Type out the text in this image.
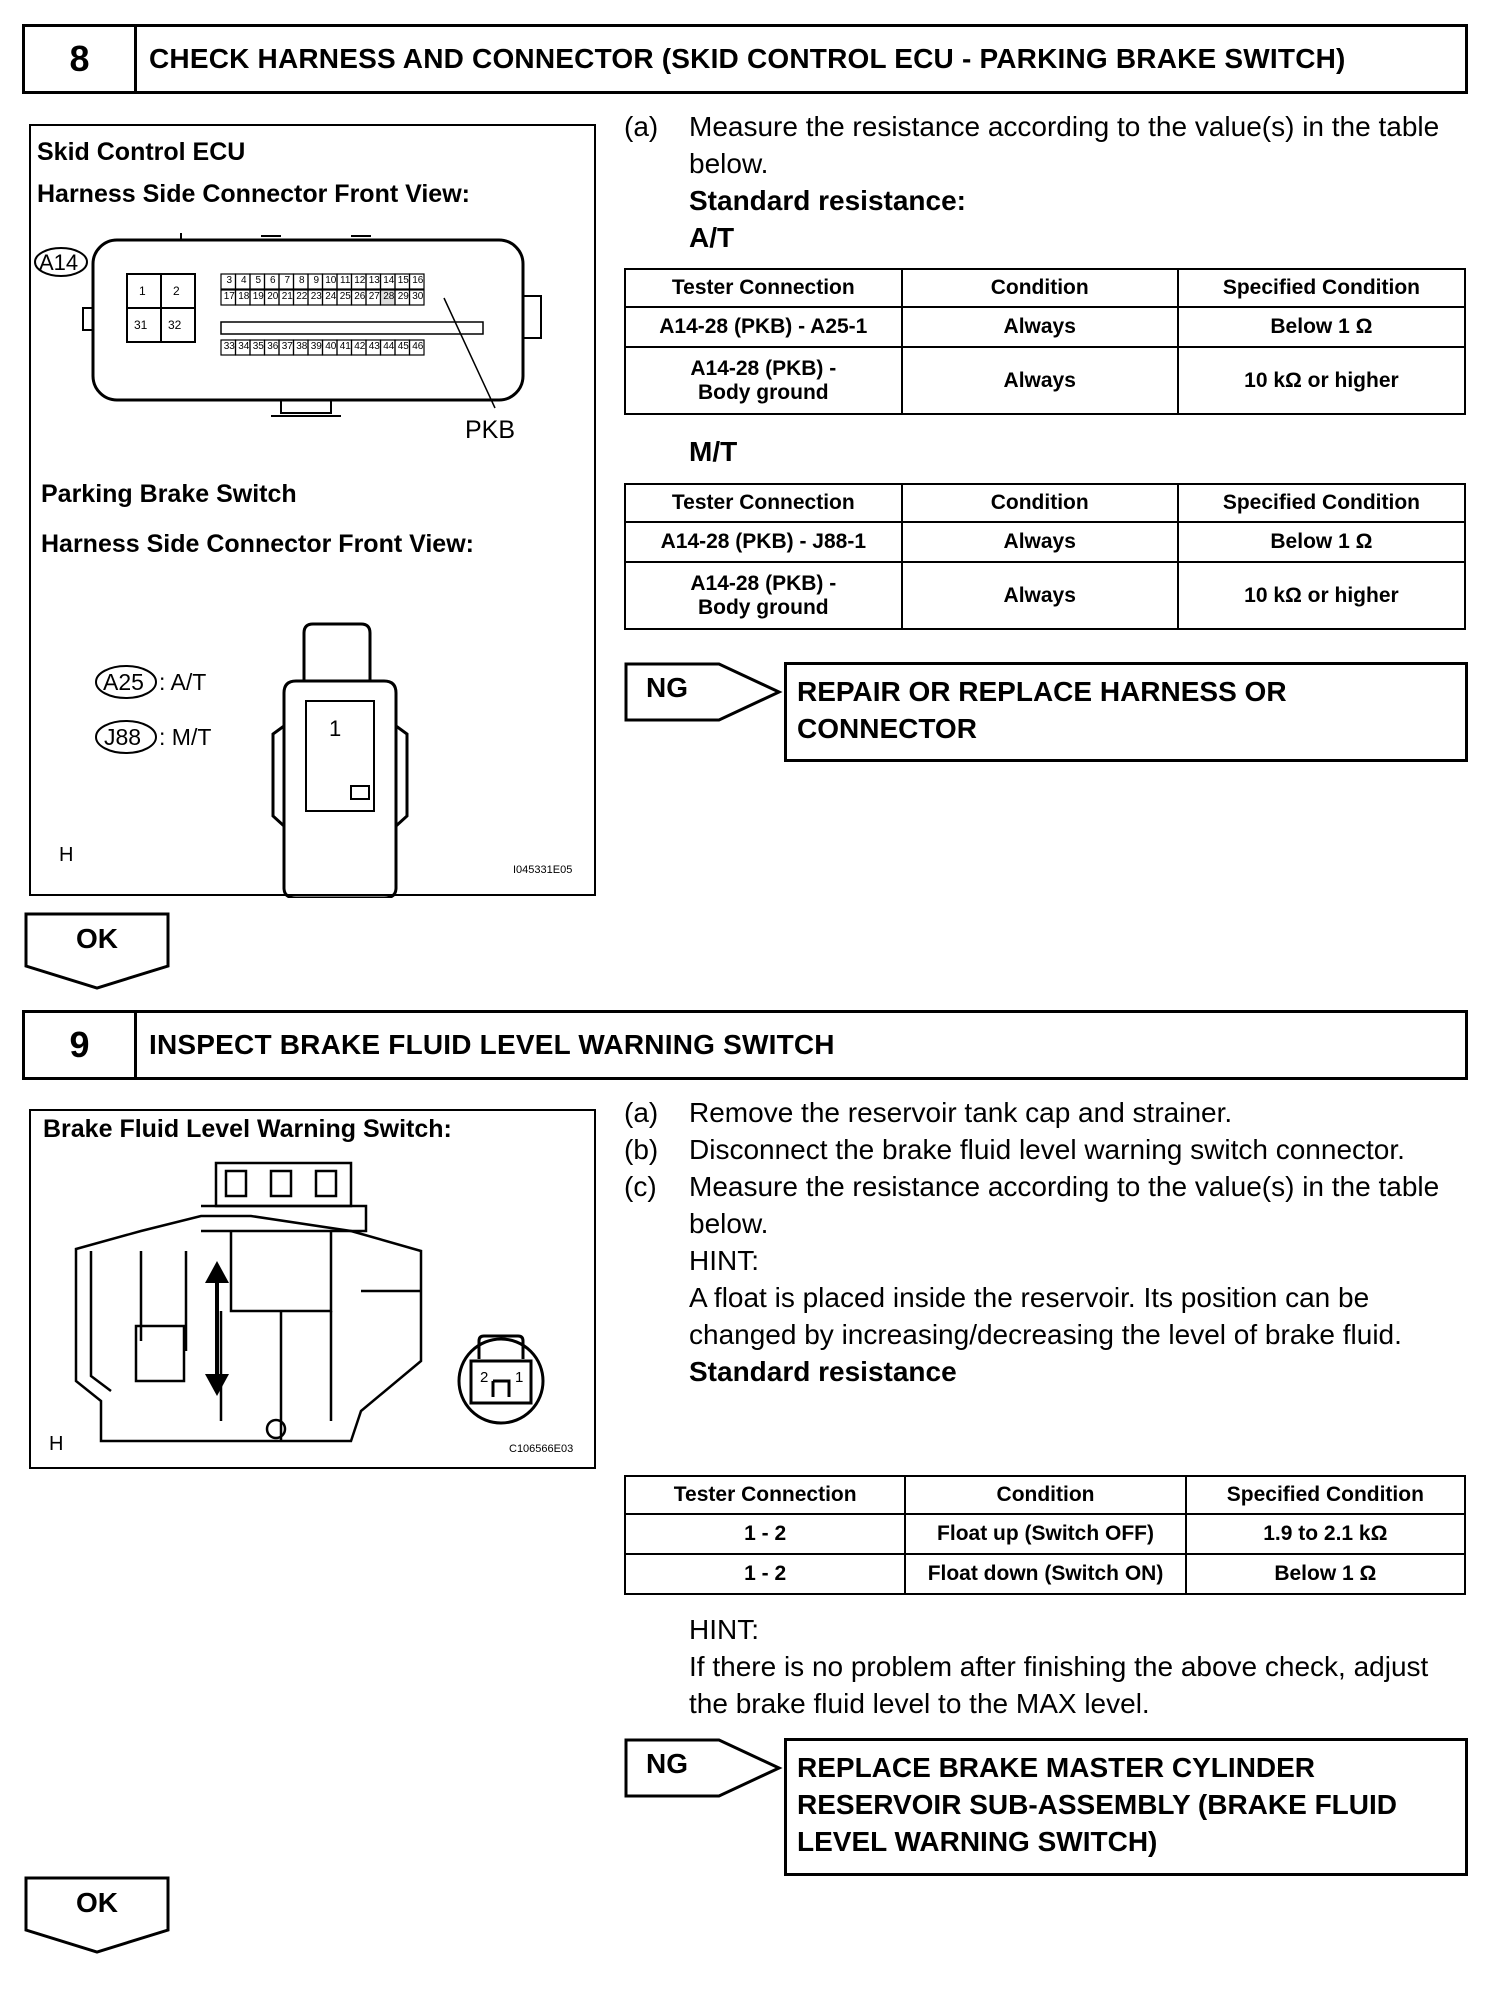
8	CHECK HARNESS AND CONNECTOR (SKID CONTROL ECU - PARKING BRAKE SWITCH)
Skid Control ECU
Harness Side Connector Front View:
A14
1 2
31 32
3 4 5 6 7 8 9 10 11 12 13 14 15 16
17 18 19 20 21 22 23 24 25 26 27 28 29 30
33 34 35 36 37 38 39 40 41 42 43 44 45 46
PKB
Parking Brake Switch
Harness Side Connector Front View:
A25 : A/T
J88 : M/T	1
H
I045331E05
(a)	Measure the resistance according to the value(s) in the table below.
Standard resistance:
A/T
Tester Connection	Condition	Specified Condition
A14-28 (PKB) - A25-1	Always	Below 1 Ω
A14-28 (PKB) - Body ground	Always	10 kΩ or higher
M/T
Tester Connection	Condition	Specified Condition
A14-28 (PKB) - J88-1	Always	Below 1 Ω
A14-28 (PKB) - Body ground	Always	10 kΩ or higher
NG	REPAIR OR REPLACE HARNESS OR CONNECTOR
OK
9	INSPECT BRAKE FLUID LEVEL WARNING SWITCH
Brake Fluid Level Warning Switch:
2 1
H	C106566E03
(a)	Remove the reservoir tank cap and strainer.
(b)	Disconnect the brake fluid level warning switch connector.
(c)	Measure the resistance according to the value(s) in the table below.
HINT:
A float is placed inside the reservoir. Its position can be changed by increasing/decreasing the level of brake fluid.
Standard resistance
Tester Connection	Condition	Specified Condition
1 - 2	Float up (Switch OFF)	1.9 to 2.1 kΩ
1 - 2	Float down (Switch ON)	Below 1 Ω
HINT:
If there is no problem after finishing the above check, adjust the brake fluid level to the MAX level.
NG	REPLACE BRAKE MASTER CYLINDER RESERVOIR SUB-ASSEMBLY (BRAKE FLUID LEVEL WARNING SWITCH)
OK
